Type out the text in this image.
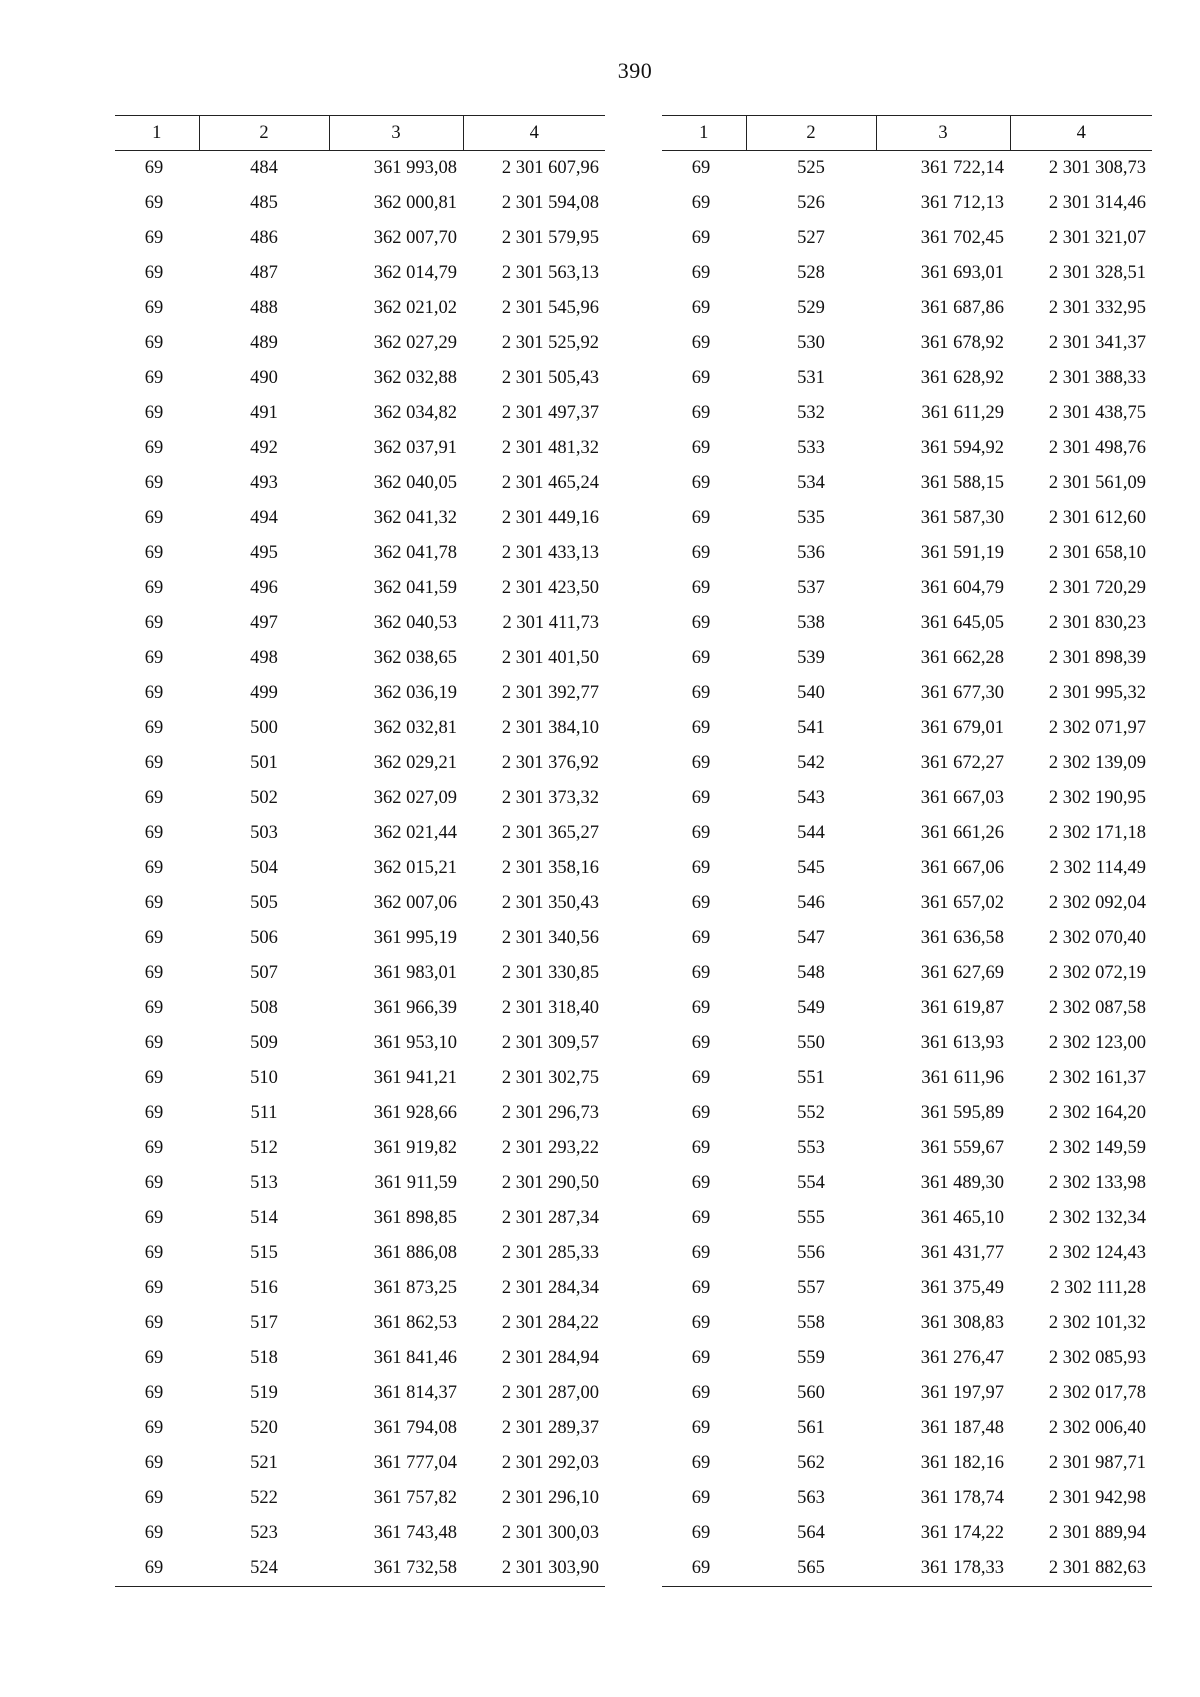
390
1	2	3	4
69	484	361 993,08	2 301 607,96
69	485	362 000,81	2 301 594,08
69	486	362 007,70	2 301 579,95
69	487	362 014,79	2 301 563,13
69	488	362 021,02	2 301 545,96
69	489	362 027,29	2 301 525,92
69	490	362 032,88	2 301 505,43
69	491	362 034,82	2 301 497,37
69	492	362 037,91	2 301 481,32
69	493	362 040,05	2 301 465,24
69	494	362 041,32	2 301 449,16
69	495	362 041,78	2 301 433,13
69	496	362 041,59	2 301 423,50
69	497	362 040,53	2 301 411,73
69	498	362 038,65	2 301 401,50
69	499	362 036,19	2 301 392,77
69	500	362 032,81	2 301 384,10
69	501	362 029,21	2 301 376,92
69	502	362 027,09	2 301 373,32
69	503	362 021,44	2 301 365,27
69	504	362 015,21	2 301 358,16
69	505	362 007,06	2 301 350,43
69	506	361 995,19	2 301 340,56
69	507	361 983,01	2 301 330,85
69	508	361 966,39	2 301 318,40
69	509	361 953,10	2 301 309,57
69	510	361 941,21	2 301 302,75
69	511	361 928,66	2 301 296,73
69	512	361 919,82	2 301 293,22
69	513	361 911,59	2 301 290,50
69	514	361 898,85	2 301 287,34
69	515	361 886,08	2 301 285,33
69	516	361 873,25	2 301 284,34
69	517	361 862,53	2 301 284,22
69	518	361 841,46	2 301 284,94
69	519	361 814,37	2 301 287,00
69	520	361 794,08	2 301 289,37
69	521	361 777,04	2 301 292,03
69	522	361 757,82	2 301 296,10
69	523	361 743,48	2 301 300,03
69	524	361 732,58	2 301 303,90
1	2	3	4
69	525	361 722,14	2 301 308,73
69	526	361 712,13	2 301 314,46
69	527	361 702,45	2 301 321,07
69	528	361 693,01	2 301 328,51
69	529	361 687,86	2 301 332,95
69	530	361 678,92	2 301 341,37
69	531	361 628,92	2 301 388,33
69	532	361 611,29	2 301 438,75
69	533	361 594,92	2 301 498,76
69	534	361 588,15	2 301 561,09
69	535	361 587,30	2 301 612,60
69	536	361 591,19	2 301 658,10
69	537	361 604,79	2 301 720,29
69	538	361 645,05	2 301 830,23
69	539	361 662,28	2 301 898,39
69	540	361 677,30	2 301 995,32
69	541	361 679,01	2 302 071,97
69	542	361 672,27	2 302 139,09
69	543	361 667,03	2 302 190,95
69	544	361 661,26	2 302 171,18
69	545	361 667,06	2 302 114,49
69	546	361 657,02	2 302 092,04
69	547	361 636,58	2 302 070,40
69	548	361 627,69	2 302 072,19
69	549	361 619,87	2 302 087,58
69	550	361 613,93	2 302 123,00
69	551	361 611,96	2 302 161,37
69	552	361 595,89	2 302 164,20
69	553	361 559,67	2 302 149,59
69	554	361 489,30	2 302 133,98
69	555	361 465,10	2 302 132,34
69	556	361 431,77	2 302 124,43
69	557	361 375,49	2 302 111,28
69	558	361 308,83	2 302 101,32
69	559	361 276,47	2 302 085,93
69	560	361 197,97	2 302 017,78
69	561	361 187,48	2 302 006,40
69	562	361 182,16	2 301 987,71
69	563	361 178,74	2 301 942,98
69	564	361 174,22	2 301 889,94
69	565	361 178,33	2 301 882,63
